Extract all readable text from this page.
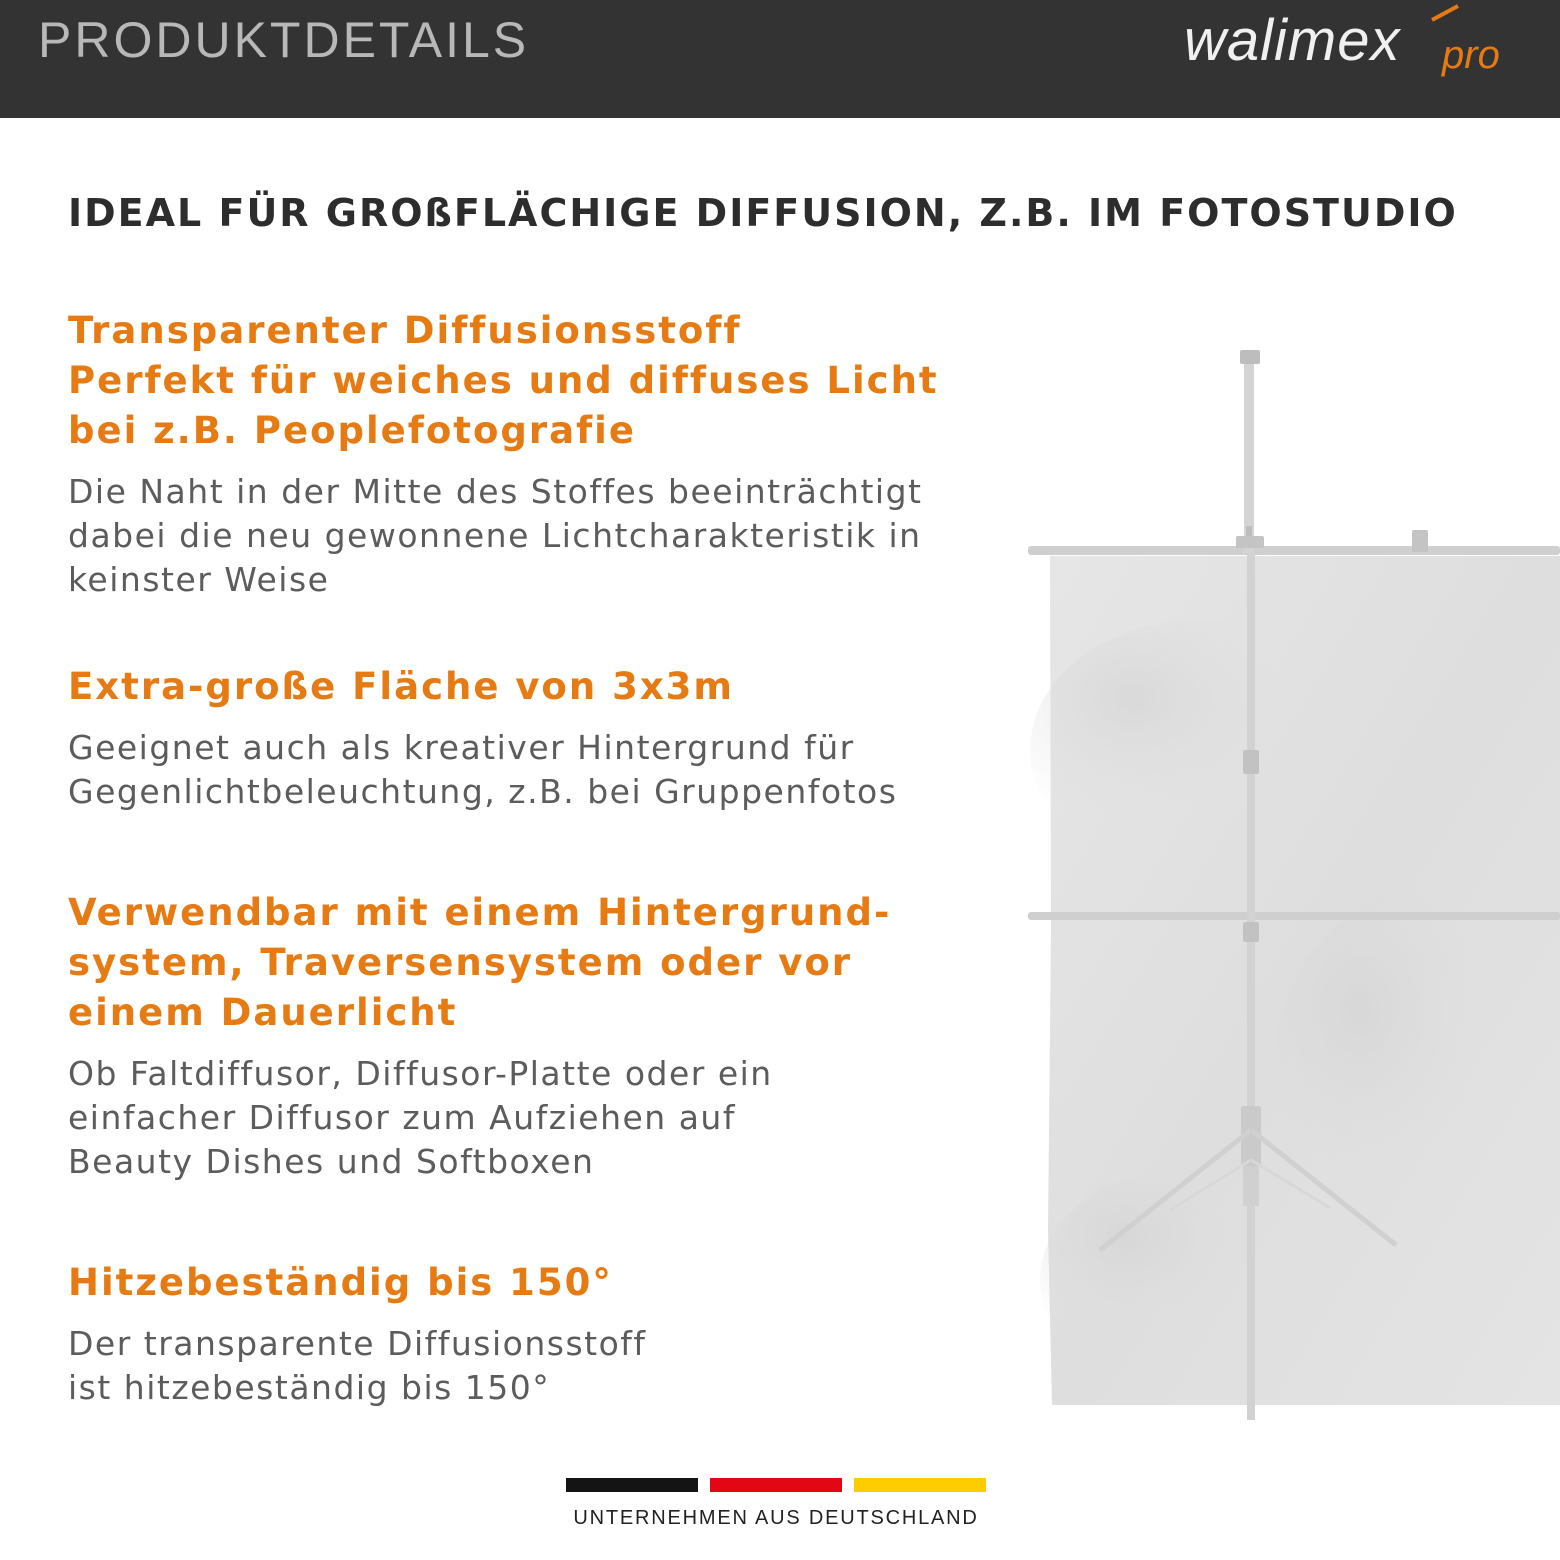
PRODUKTDETAILS	walimex pro
IDEAL FÜR GROßFLÄCHIGE DIFFUSION, Z.B. IM FOTOSTUDIO
Transparenter Diffusionsstoff
Perfekt für weiches und diffuses Licht
bei z.B. Peoplefotografie

Die Naht in der Mitte des Stoffes beeinträchtigt
dabei die neu gewonnene Lichtcharakteristik in
keinster Weise

Extra-große Fläche von 3x3m

Geeignet auch als kreativer Hintergrund für
Gegenlichtbeleuchtung, z.B. bei Gruppenfotos

Verwendbar mit einem Hintergrund-
system, Traversensystem oder vor
einem Dauerlicht

Ob Faltdiffusor, Diffusor-Platte oder ein
einfacher Diffusor zum Aufziehen auf
Beauty Dishes und Softboxen

Hitzebeständig bis 150°

Der transparente Diffusionsstoff
ist hitzebeständig bis 150°

UNTERNEHMEN AUS DEUTSCHLAND
